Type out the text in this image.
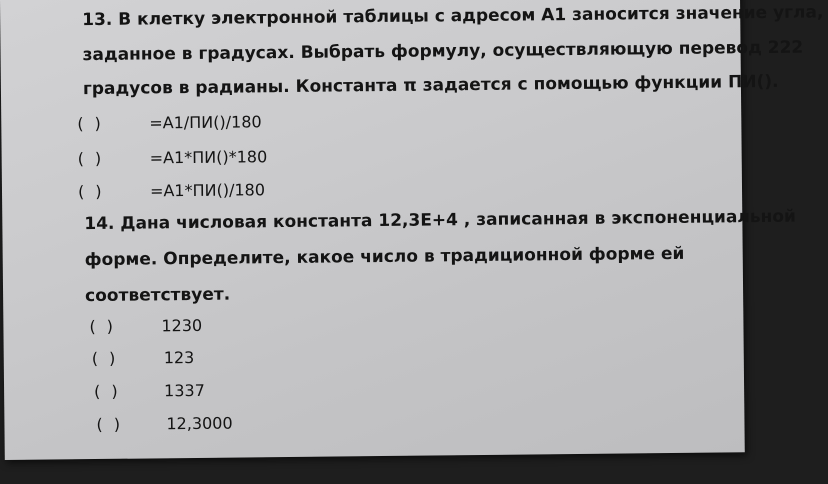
13. В клетку электронной таблицы с адресом А1 заносится значение угла,
заданное в градусах. Выбрать формулу, осуществляющую перевод 222
градусов в радианы. Константа π задается с помощью функции ПИ().
( )	=A1/ПИ()/180
( )	=A1*ПИ()*180
( )	=A1*ПИ()/180
14. Дана числовая константа 12,3E+4 , записанная в экспоненциальной
форме. Определите, какое число в традиционной форме ей
соответствует.
( )	1230
( )	123
( )	1337
( )	12,3000
